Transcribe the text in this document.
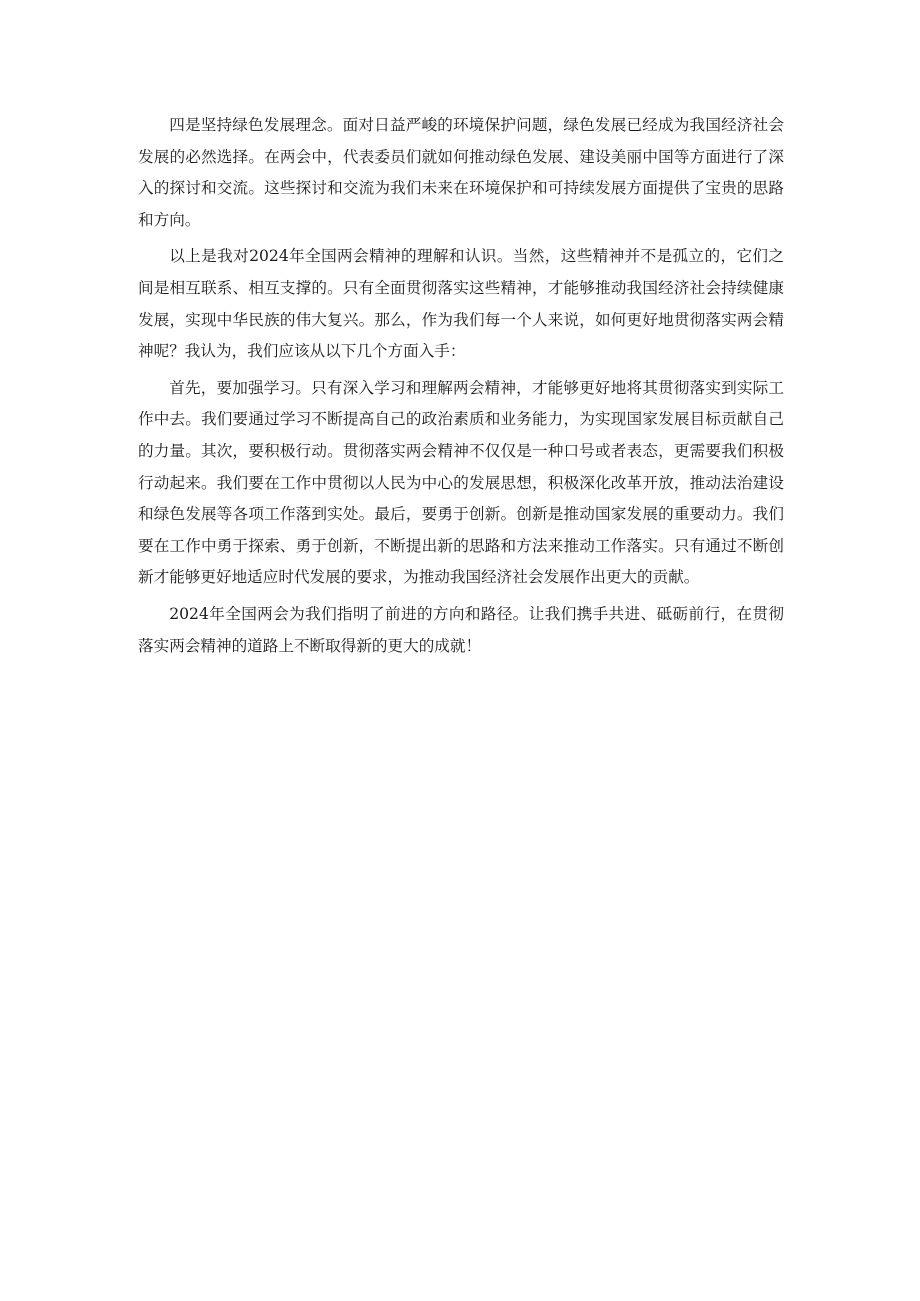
四是坚持绿色发展理念。面对日益严峻的环境保护问题，绿色发展已经成为我国经济社会发展的必然选择。在两会中，代表委员们就如何推动绿色发展、建设美丽中国等方面进行了深入的探讨和交流。这些探讨和交流为我们未来在环境保护和可持续发展方面提供了宝贵的思路和方向。

以上是我对2024年全国两会精神的理解和认识。当然，这些精神并不是孤立的，它们之间是相互联系、相互支撑的。只有全面贯彻落实这些精神，才能够推动我国经济社会持续健康发展，实现中华民族的伟大复兴。那么，作为我们每一个人来说，如何更好地贯彻落实两会精神呢？我认为，我们应该从以下几个方面入手：

首先，要加强学习。只有深入学习和理解两会精神，才能够更好地将其贯彻落实到实际工作中去。我们要通过学习不断提高自己的政治素质和业务能力，为实现国家发展目标贡献自己的力量。其次，要积极行动。贯彻落实两会精神不仅仅是一种口号或者表态，更需要我们积极行动起来。我们要在工作中贯彻以人民为中心的发展思想，积极深化改革开放，推动法治建设和绿色发展等各项工作落到实处。最后，要勇于创新。创新是推动国家发展的重要动力。我们要在工作中勇于探索、勇于创新，不断提出新的思路和方法来推动工作落实。只有通过不断创新才能够更好地适应时代发展的要求，为推动我国经济社会发展作出更大的贡献。

2024年全国两会为我们指明了前进的方向和路径。让我们携手共进、砥砺前行，在贯彻落实两会精神的道路上不断取得新的更大的成就！
